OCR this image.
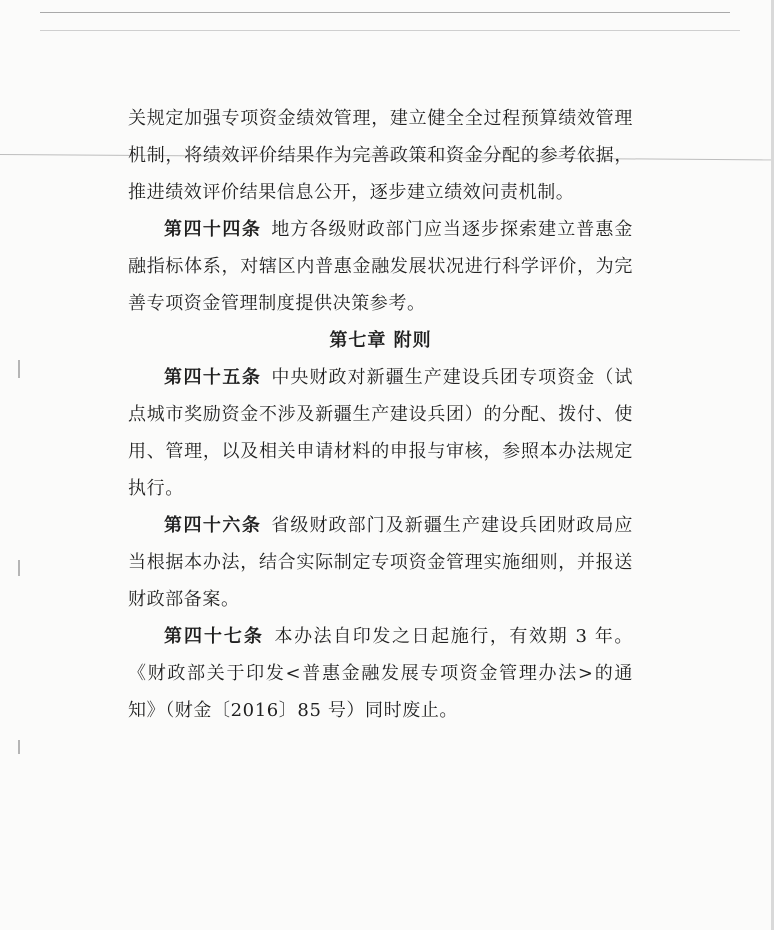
关规定加强专项资金绩效管理，建立健全全过程预算绩效管理机制，将绩效评价结果作为完善政策和资金分配的参考依据，推进绩效评价结果信息公开，逐步建立绩效问责机制。

第四十四条  地方各级财政部门应当逐步探索建立普惠金融指标体系，对辖区内普惠金融发展状况进行科学评价，为完善专项资金管理制度提供决策参考。

第七章 附则

第四十五条  中央财政对新疆生产建设兵团专项资金（试点城市奖励资金不涉及新疆生产建设兵团）的分配、拨付、使用、管理，以及相关申请材料的申报与审核，参照本办法规定执行。

第四十六条  省级财政部门及新疆生产建设兵团财政局应当根据本办法，结合实际制定专项资金管理实施细则，并报送财政部备案。

第四十七条  本办法自印发之日起施行，有效期 3 年。《财政部关于印发<普惠金融发展专项资金管理办法>的通知》（财金〔2016〕85 号）同时废止。
